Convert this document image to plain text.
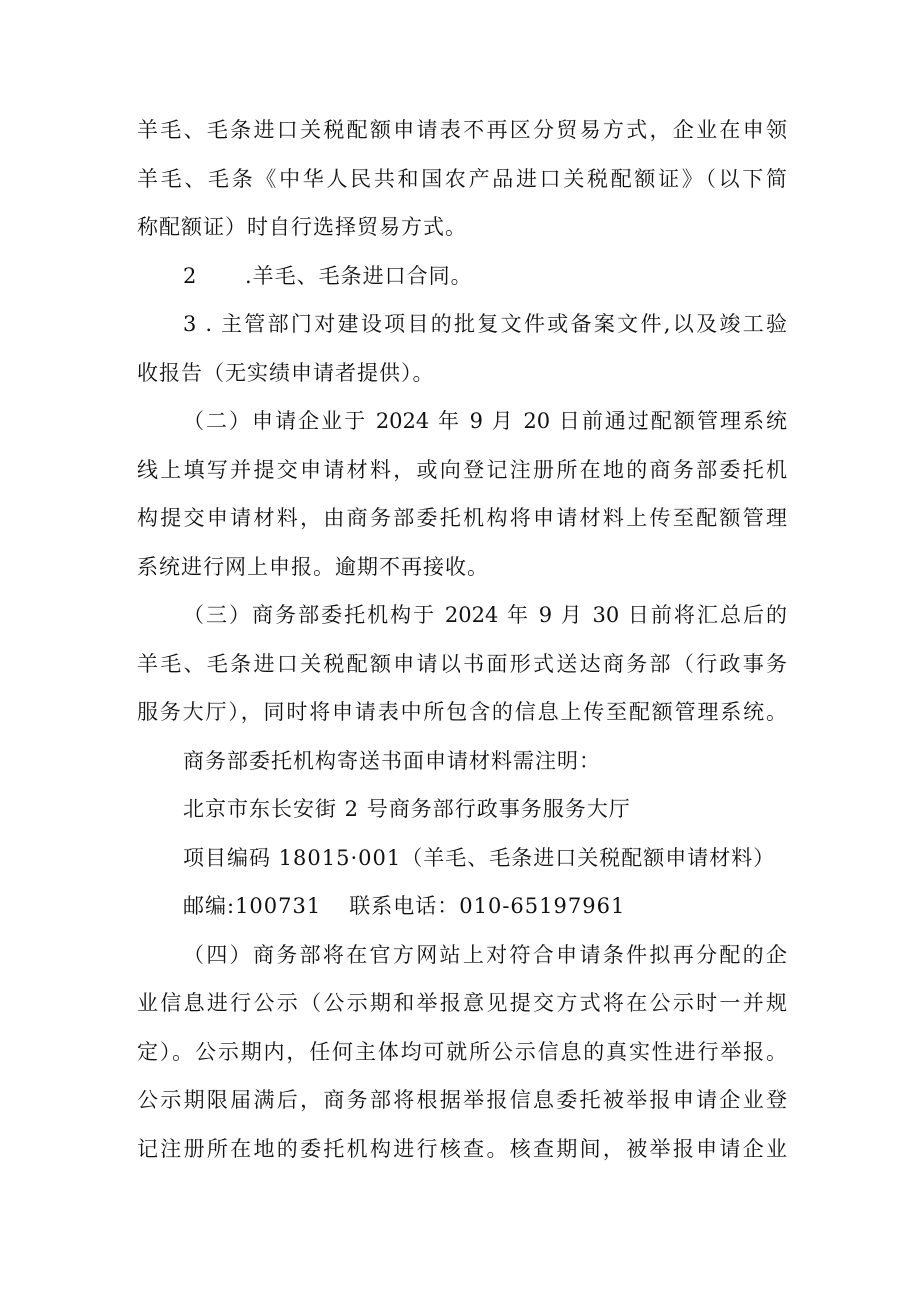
羊毛、毛条进口关税配额申请表不再区分贸易方式，企业在申领
羊毛、毛条《中华人民共和国农产品进口关税配额证》（以下简
称配额证）时自行选择贸易方式。
2 .羊毛、毛条进口合同。
3 . 主管部门对建设项目的批复文件或备案文件,以及竣工验
收报告（无实绩申请者提供）。
（二）申请企业于 2024 年 9 月 20 日前通过配额管理系统
线上填写并提交申请材料，或向登记注册所在地的商务部委托机
构提交申请材料，由商务部委托机构将申请材料上传至配额管理
系统进行网上申报。逾期不再接收。
（三）商务部委托机构于 2024 年 9 月 30 日前将汇总后的
羊毛、毛条进口关税配额申请以书面形式送达商务部（行政事务
服务大厅），同时将申请表中所包含的信息上传至配额管理系统。
商务部委托机构寄送书面申请材料需注明：
北京市东长安街 2 号商务部行政事务服务大厅
项目编码 18015·001（羊毛、毛条进口关税配额申请材料）
邮编:100731 联系电话：010-65197961
（四）商务部将在官方网站上对符合申请条件拟再分配的企
业信息进行公示（公示期和举报意见提交方式将在公示时一并规
定）。公示期内，任何主体均可就所公示信息的真实性进行举报。
公示期限届满后，商务部将根据举报信息委托被举报申请企业登
记注册所在地的委托机构进行核查。核查期间，被举报申请企业
